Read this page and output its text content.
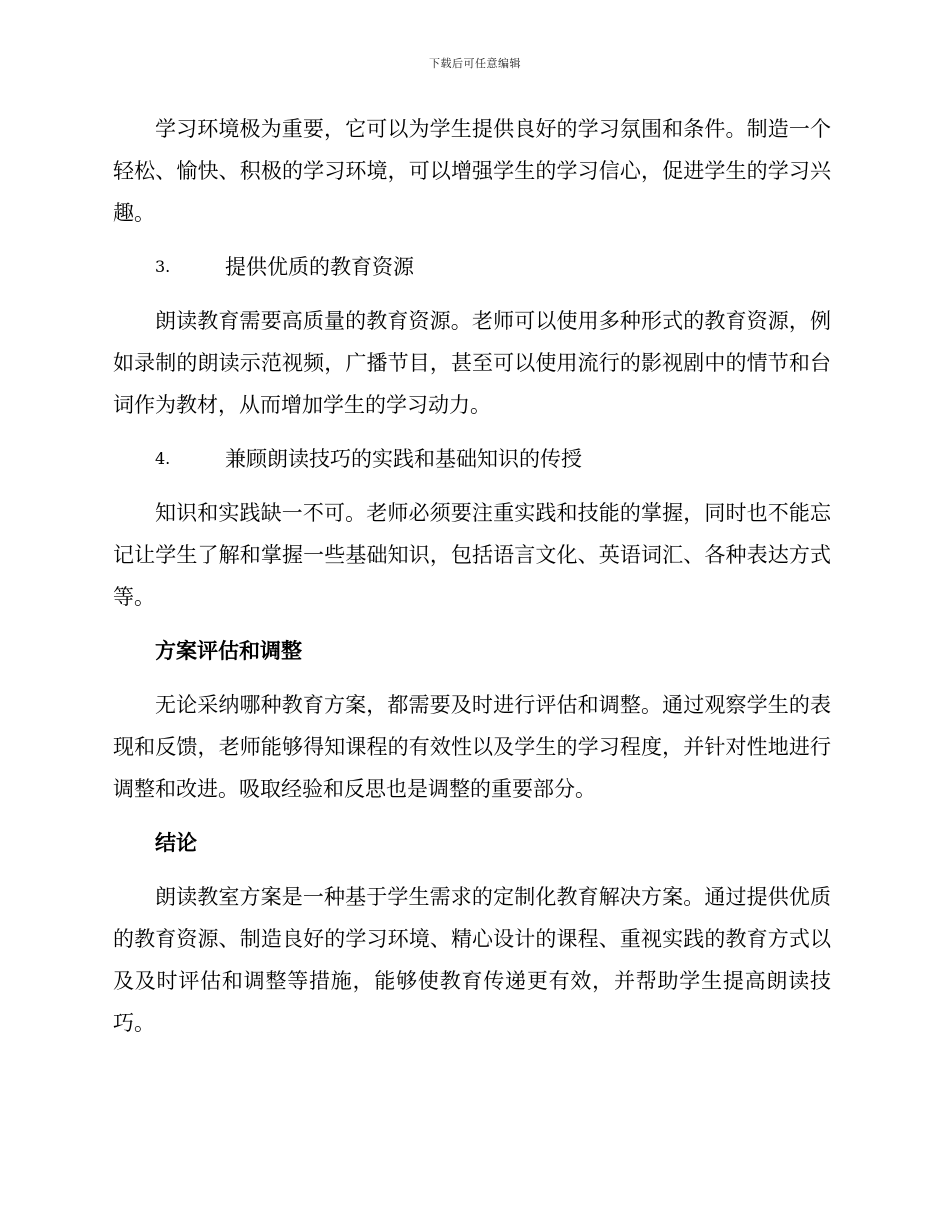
下载后可任意编辑

学习环境极为重要，它可以为学生提供良好的学习氛围和条件。制造一个轻松、愉快、积极的学习环境，可以增强学生的学习信心，促进学生的学习兴趣。

3.	提供优质的教育资源

朗读教育需要高质量的教育资源。老师可以使用多种形式的教育资源，例如录制的朗读示范视频，广播节目，甚至可以使用流行的影视剧中的情节和台词作为教材，从而增加学生的学习动力。

4.	兼顾朗读技巧的实践和基础知识的传授

知识和实践缺一不可。老师必须要注重实践和技能的掌握，同时也不能忘记让学生了解和掌握一些基础知识，包括语言文化、英语词汇、各种表达方式等。

方案评估和调整

无论采纳哪种教育方案，都需要及时进行评估和调整。通过观察学生的表现和反馈，老师能够得知课程的有效性以及学生的学习程度，并针对性地进行调整和改进。吸取经验和反思也是调整的重要部分。

结论

朗读教室方案是一种基于学生需求的定制化教育解决方案。通过提供优质的教育资源、制造良好的学习环境、精心设计的课程、重视实践的教育方式以及及时评估和调整等措施，能够使教育传递更有效，并帮助学生提高朗读技巧。
